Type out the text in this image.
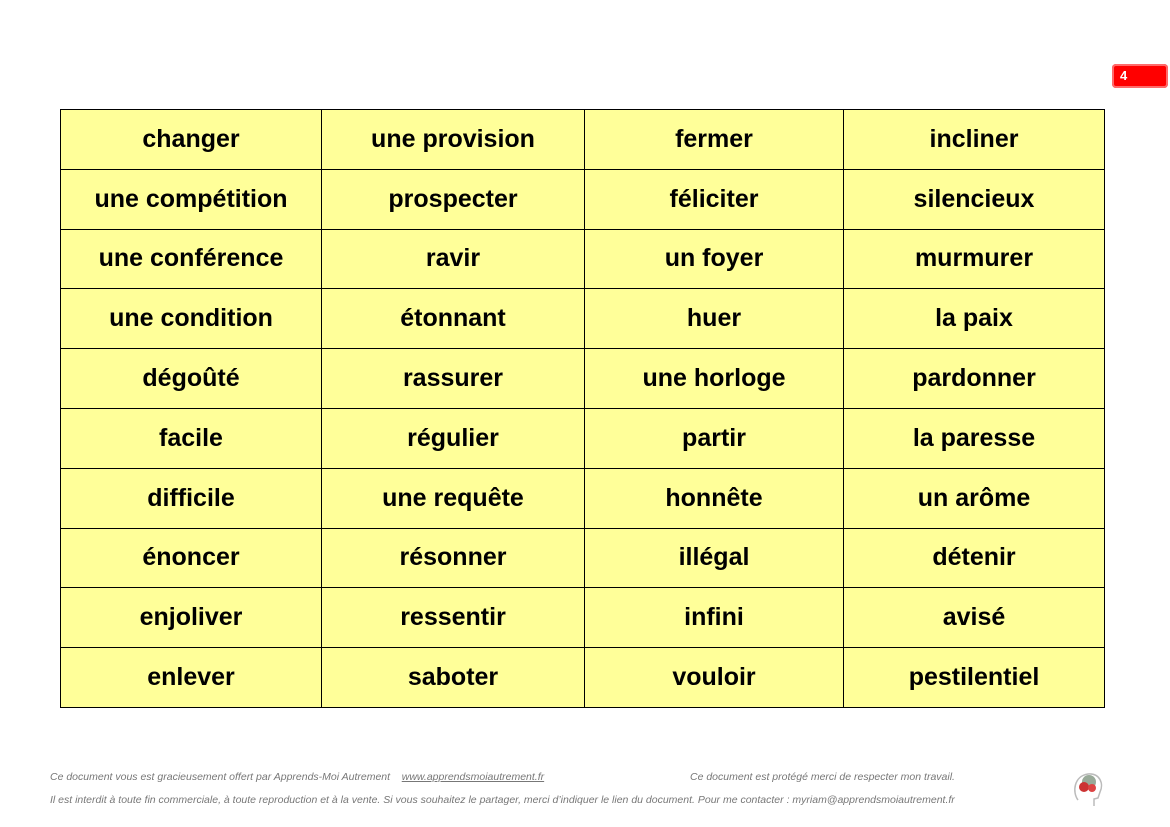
4
changer	une provision	fermer	incliner
une compétition	prospecter	féliciter	silencieux
une conférence	ravir	un foyer	murmurer
une condition	étonnant	huer	la paix
dégoûté	rassurer	une horloge	pardonner
facile	régulier	partir	la paresse
difficile	une requête	honnête	un arôme
énoncer	résonner	illégal	détenir
enjoliver	ressentir	infini	avisé
enlever	saboter	vouloir	pestilentiel
Ce document vous est gracieusement offert par Apprends-Moi Autrement www.apprendsmoiautrement.fr	Ce document est protégé merci de respecter mon travail.
Il est interdit à toute fin commerciale, à toute reproduction et à la vente. Si vous souhaitez le partager, merci d’indiquer le lien du document. Pour me contacter : myriam@apprendsmoiautrement.fr
